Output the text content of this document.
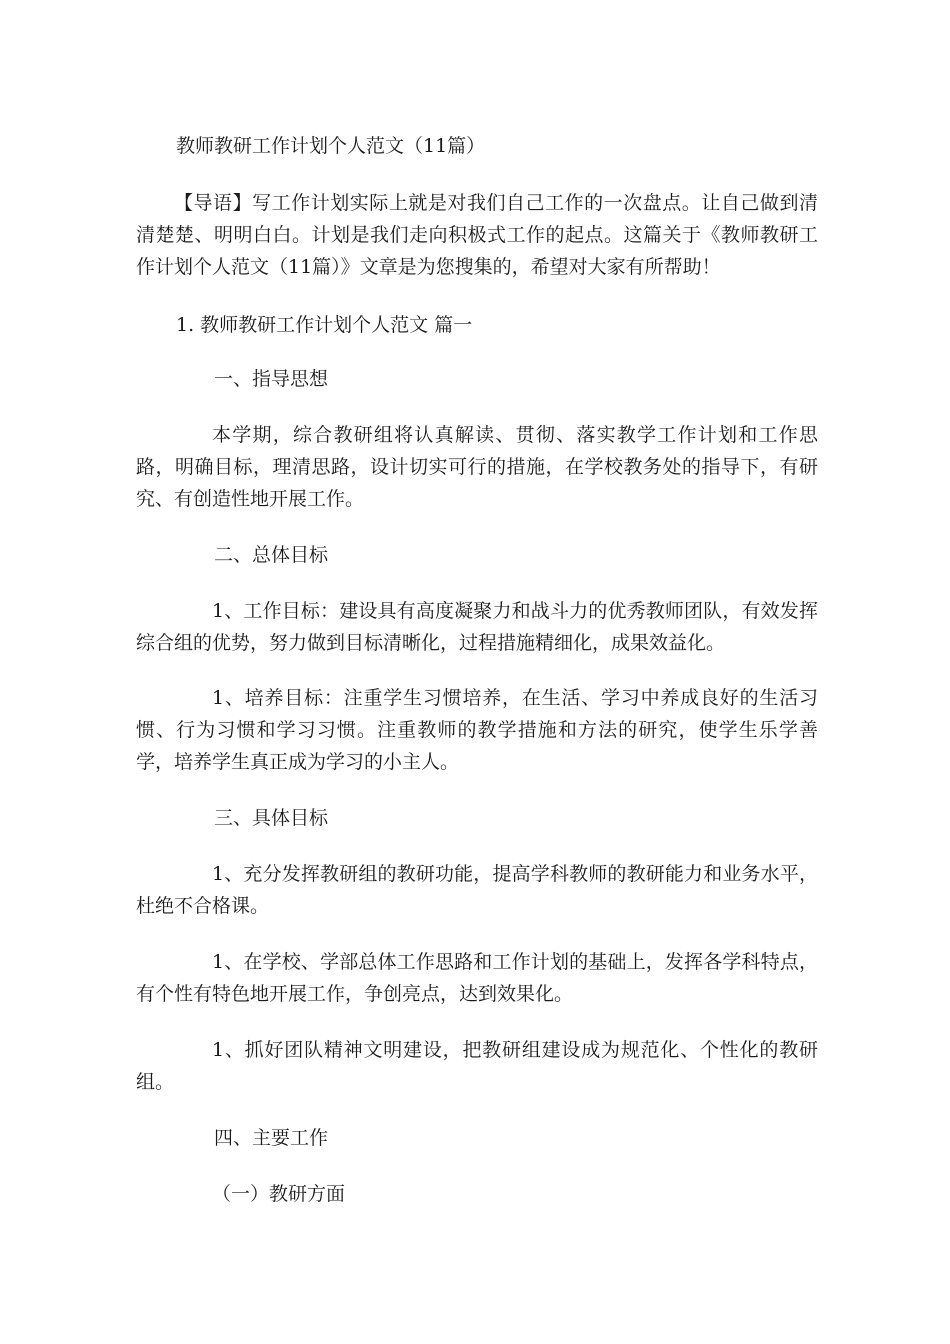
教师教研工作计划个人范文（11篇）

【导语】写工作计划实际上就是对我们自己工作的一次盘点。让自己做到清清楚楚、明明白白。计划是我们走向积极式工作的起点。这篇关于《教师教研工作计划个人范文（11篇）》文章是为您搜集的，希望对大家有所帮助！

1. 教师教研工作计划个人范文 篇一

一、指导思想

本学期，综合教研组将认真解读、贯彻、落实教学工作计划和工作思路，明确目标，理清思路，设计切实可行的措施，在学校教务处的指导下，有研究、有创造性地开展工作。

二、总体目标

1、工作目标：建设具有高度凝聚力和战斗力的优秀教师团队，有效发挥综合组的优势，努力做到目标清晰化，过程措施精细化，成果效益化。

1、培养目标：注重学生习惯培养，在生活、学习中养成良好的生活习惯、行为习惯和学习习惯。注重教师的教学措施和方法的研究，使学生乐学善学，培养学生真正成为学习的小主人。

三、具体目标

1、充分发挥教研组的教研功能，提高学科教师的教研能力和业务水平，杜绝不合格课。

1、在学校、学部总体工作思路和工作计划的基础上，发挥各学科特点，有个性有特色地开展工作，争创亮点，达到效果化。

1、抓好团队精神文明建设，把教研组建设成为规范化、个性化的教研组。

四、主要工作

（一）教研方面
